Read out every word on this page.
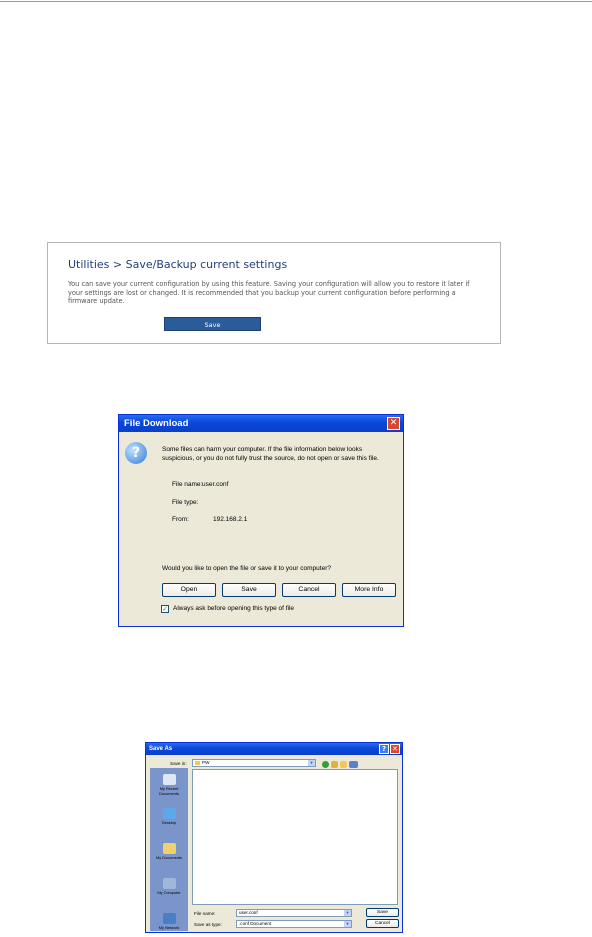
Utilities > Save/Backup current settings
You can save your current configuration by using this feature. Saving your configuration will allow you to restore it later if your settings are lost or changed. It is recommended that you backup your current configuration before performing a firmware update.
Save
File Download	✕
?	Some files can harm your computer. If the file information below looks suspicious, or you do not fully trust the source, do not open or save this file.
File name: user.conf
File type:
From:	192.168.2.1
Would you like to open the file or save it to your computer?
Open	Save	Cancel	More Info
✓ Always ask before opening this type of file
Save As	? ✕
Save in:	PW	▼
My Recent Documents
Desktop
My Documents
My Computer
My Network
File name:	user.conf	▼
Save as type:	.conf Document	▼
Save
Cancel
